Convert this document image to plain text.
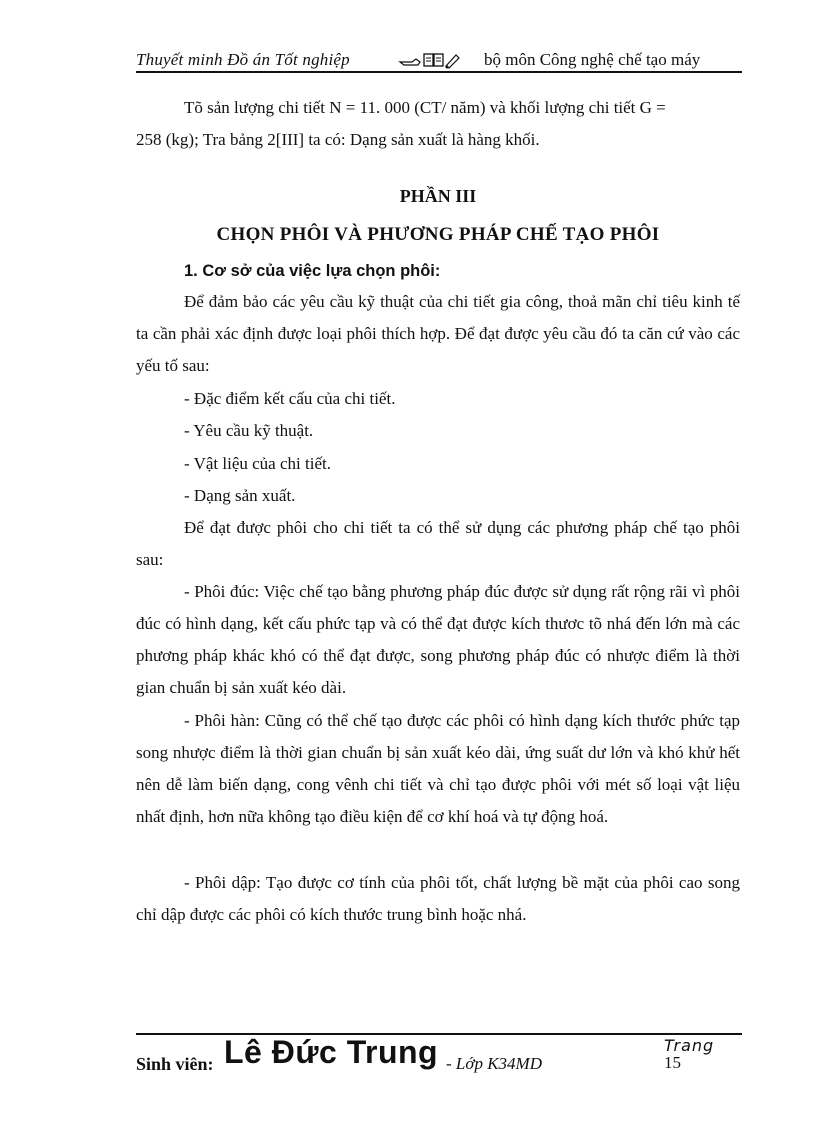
Thuyết minh Đồ án Tốt nghiệp	bộ môn Công nghệ chế tạo máy
Tõ sản lượng chi tiết N = 11. 000 (CT/ năm) và khối lượng chi tiết G =
258 (kg); Tra bảng 2[III] ta có: Dạng sản xuất là hàng khối.
PHẦN III
CHỌN PHÔI VÀ PHƯƠNG PHÁP CHẾ TẠO PHÔI
1. Cơ sở của việc lựa chọn phôi:

Để đảm bảo các yêu cầu kỹ thuật của chi tiết gia công, thoả mãn chỉ tiêu kinh tế ta cần phải xác định được loại phôi thích hợp. Để đạt được yêu cầu đó ta căn cứ vào các yếu tố sau:

- Đặc điểm kết cấu của chi tiết.
- Yêu cầu kỹ thuật.
- Vật liệu của chi tiết.
- Dạng sản xuất.

Để đạt được phôi cho chi tiết ta có thể sử dụng các phương pháp chế tạo phôi sau:

- Phôi đúc: Việc chế tạo bằng phương pháp đúc được sử dụng rất rộng rãi vì phôi đúc có hình dạng, kết cấu phức tạp và có thể đạt được kích thươc tõ nhá đến lớn mà các phương pháp khác khó có thể đạt được, song phương pháp đúc có nhược điểm là thời gian chuẩn bị sản xuất kéo dài.

- Phôi hàn: Cũng có thể chế tạo được các phôi có hình dạng kích thước phức tạp song nhược điểm là thời gian chuẩn bị sản xuất kéo dài, ứng suất dư lớn và khó khử hết nên dễ làm biến dạng, cong vênh chi tiết và chỉ tạo được phôi với mét số loại vật liệu nhất định, hơn nữa không tạo điều kiện để cơ khí hoá và tự động hoá.

- Phôi dập: Tạo được cơ tính của phôi tốt, chất lượng bề mặt của phôi cao song chỉ dập được các phôi có kích thước trung bình hoặc nhá.

Sinh viên: Lê Đức Trung - Lớp K34MD
Trang
15
